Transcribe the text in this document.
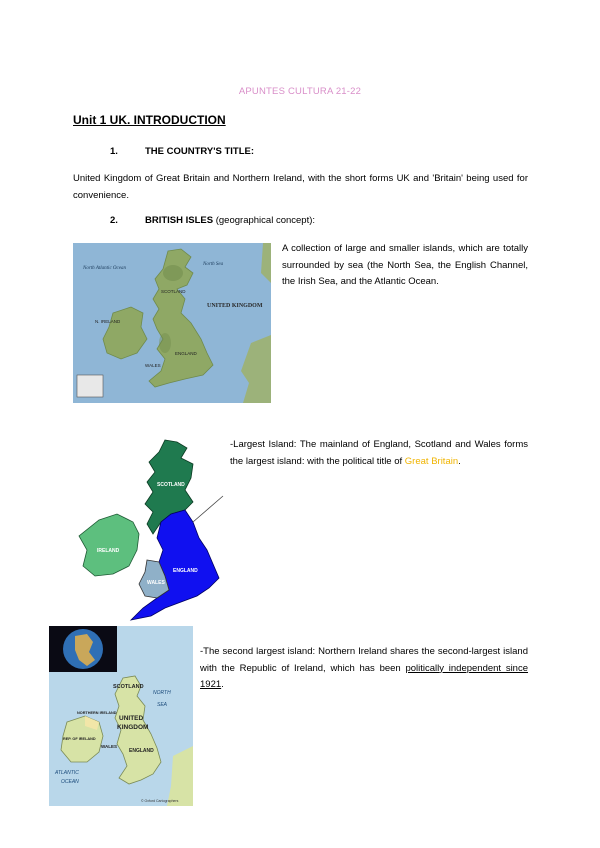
APUNTES CULTURA 21-22
Unit 1 UK. INTRODUCTION
1.	THE COUNTRY'S TITLE:
United Kingdom of Great Britain and Northern Ireland, with the short forms UK and 'Britain' being used for convenience.
2.	BRITISH ISLES (geographical concept):
North Atlantic Ocean
North Sea
UNITED KINGDOM
N. IRELAND
SCOTLAND
ENGLAND
WALES
A collection of large and smaller islands, which are totally surrounded by sea (the North Sea, the English Channel, the Irish Sea, and the Atlantic Ocean.
SCOTLAND
IRELAND
WALES
ENGLAND
-Largest Island: The mainland of England, Scotland and Wales forms the largest island: with the political title of Great Britain.
SCOTLAND
UNITED
KINGDOM
NORTH
SEA
NORTHERN IRELAND
ENGLAND
WALES
REP. OF IRELAND
ATLANTIC
OCEAN
© Oxford Cartographers
-The second largest island: Northern Ireland shares the second-largest island with the Republic of Ireland, which has been politically independent since 1921.
